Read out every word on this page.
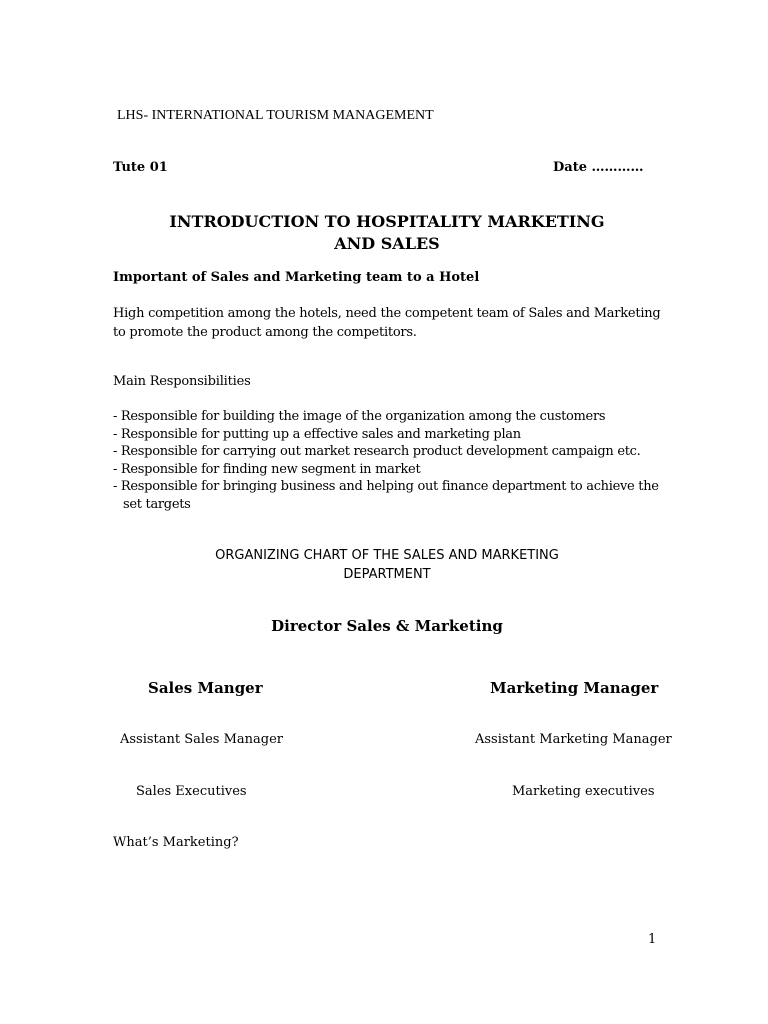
LHS- INTERNATIONAL TOURISM MANAGEMENT
Tute 01	Date …………
INTRODUCTION TO HOSPITALITY MARKETING AND SALES
Important of Sales and Marketing team to a Hotel
High competition among the hotels, need the competent team of Sales and Marketing to promote the product among the competitors.
Main Responsibilities
- Responsible for building the image of the organization among the customers
- Responsible for putting up a effective sales and marketing plan
- Responsible for carrying out market research product development campaign etc.
- Responsible for finding new segment in market
- Responsible for bringing business and helping out finance department to achieve the set targets
ORGANIZING CHART OF THE SALES AND MARKETING DEPARTMENT
Director Sales & Marketing
Sales Manger	Marketing Manager
Assistant Sales Manager	Assistant Marketing Manager
Sales Executives	Marketing executives
What’s Marketing?
1
